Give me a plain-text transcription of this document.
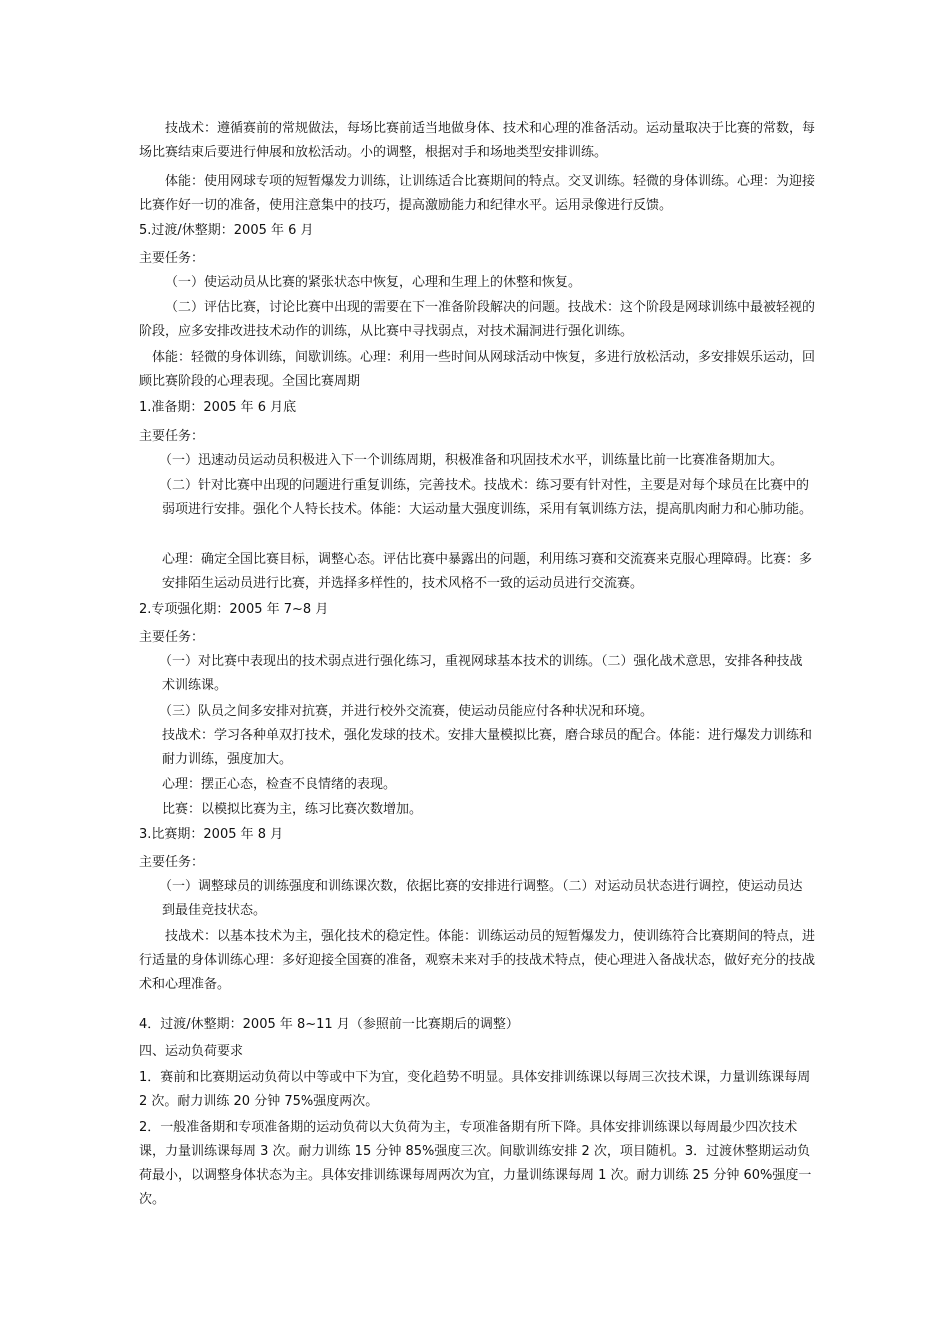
技战术：遵循赛前的常规做法，每场比赛前适当地做身体、技术和心理的准备活动。运动量取决于比赛的常数，每场比赛结束后要进行伸展和放松活动。小的调整，根据对手和场地类型安排训练。

体能：使用网球专项的短暂爆发力训练，让训练适合比赛期间的特点。交叉训练。轻微的身体训练。心理：为迎接比赛作好一切的准备，使用注意集中的技巧，提高激励能力和纪律水平。运用录像进行反馈。

5.过渡/休整期：2005 年 6 月

主要任务：

（一）使运动员从比赛的紧张状态中恢复，心理和生理上的休整和恢复。

（二）评估比赛，讨论比赛中出现的需要在下一准备阶段解决的问题。技战术：这个阶段是网球训练中最被轻视的阶段，应多安排改进技术动作的训练，从比赛中寻找弱点，对技术漏洞进行强化训练。

体能：轻微的身体训练，间歇训练。心理：利用一些时间从网球活动中恢复，多进行放松活动，多安排娱乐运动，回顾比赛阶段的心理表现。全国比赛周期

1.准备期：2005 年 6 月底

主要任务：

（一）迅速动员运动员积极进入下一个训练周期，积极准备和巩固技术水平，训练量比前一比赛准备期加大。

（二）针对比赛中出现的问题进行重复训练，完善技术。技战术：练习要有针对性，主要是对每个球员在比赛中的弱项进行安排。强化个人特长技术。体能：大运动量大强度训练，采用有氧训练方法，提高肌肉耐力和心肺功能。

心理：确定全国比赛目标，调整心态。评估比赛中暴露出的问题，利用练习赛和交流赛来克服心理障碍。比赛：多安排陌生运动员进行比赛，并选择多样性的，技术风格不一致的运动员进行交流赛。

2.专项强化期：2005 年 7~8 月

主要任务：

（一）对比赛中表现出的技术弱点进行强化练习，重视网球基本技术的训练。（二）强化战术意思，安排各种技战术训练课。

（三）队员之间多安排对抗赛，并进行校外交流赛，使运动员能应付各种状况和环境。

技战术：学习各种单双打技术，强化发球的技术。安排大量模拟比赛，磨合球员的配合。体能：进行爆发力训练和耐力训练，强度加大。

心理：摆正心态，检查不良情绪的表现。

比赛：以模拟比赛为主，练习比赛次数增加。

3.比赛期：2005 年 8 月

主要任务：

（一）调整球员的训练强度和训练课次数，依据比赛的安排进行调整。（二）对运动员状态进行调控，使运动员达到最佳竞技状态。

技战术：以基本技术为主，强化技术的稳定性。体能：训练运动员的短暂爆发力，使训练符合比赛期间的特点，进行适量的身体训练心理：多好迎接全国赛的准备，观察未来对手的技战术特点，使心理进入备战状态，做好充分的技战术和心理准备。

4．过渡/休整期：2005 年 8~11 月（参照前一比赛期后的调整）

四、运动负荷要求

1．赛前和比赛期运动负荷以中等或中下为宜，变化趋势不明显。具体安排训练课以每周三次技术课，力量训练课每周 2 次。耐力训练 20 分钟 75%强度两次。

2．一般准备期和专项准备期的运动负荷以大负荷为主，专项准备期有所下降。具体安排训练课以每周最少四次技术课，力量训练课每周 3 次。耐力训练 15 分钟 85%强度三次。间歇训练安排 2 次，项目随机。3．过渡休整期运动负荷最小，以调整身体状态为主。具体安排训练课每周两次为宜，力量训练课每周 1 次。耐力训练 25 分钟 60%强度一次。
